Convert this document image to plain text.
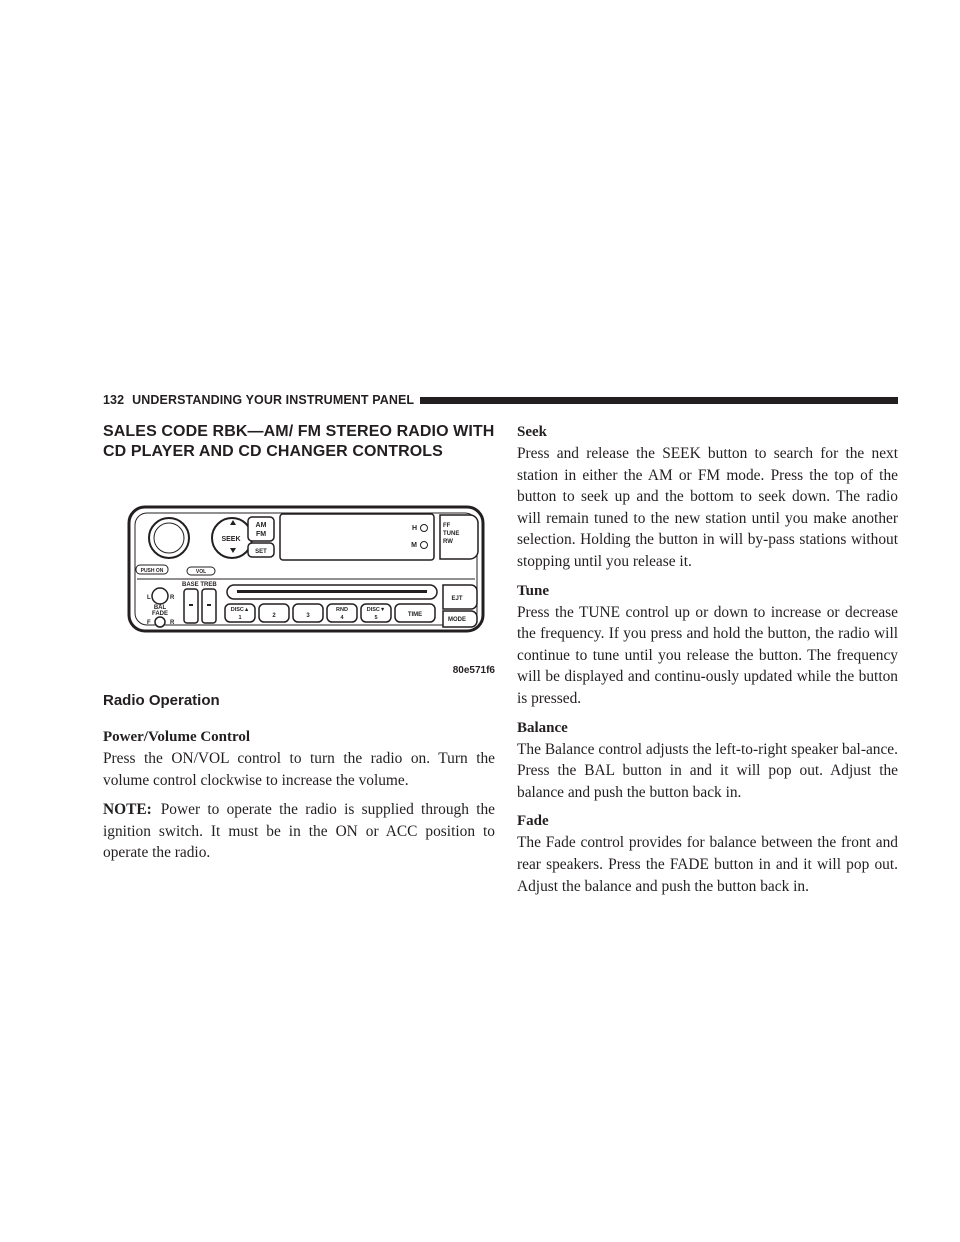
132 UNDERSTANDING YOUR INSTRUMENT PANEL
SALES CODE RBK—AM/ FM STEREO RADIO WITH CD PLAYER AND CD CHANGER CONTROLS
PUSH ON	VOL
SEEK
AM
FM
SET
H
M
FF
TUNE
RW
L	R
BAL
FADE
F	R
BASE TREB
EJT
MODE
DISC▲
1	2	3
RND
4
DISC▼
5	TIME
80e571f6
Radio Operation

Power/Volume Control

Press the ON/VOL control to turn the radio on. Turn the volume control clockwise to increase the volume.

NOTE: Power to operate the radio is supplied through the ignition switch. It must be in the ON or ACC position to operate the radio.

Seek

Press and release the SEEK button to search for the next station in either the AM or FM mode. Press the top of the button to seek up and the bottom to seek down. The radio will remain tuned to the new station until you make another selection. Holding the button in will by-pass stations without stopping until you release it.

Tune

Press the TUNE control up or down to increase or decrease the frequency. If you press and hold the button, the radio will continue to tune until you release the button. The frequency will be displayed and continu-ously updated while the button is pressed.

Balance

The Balance control adjusts the left-to-right speaker bal-ance. Press the BAL button in and it will pop out. Adjust the balance and push the button back in.

Fade

The Fade control provides for balance between the front and rear speakers. Press the FADE button in and it will pop out. Adjust the balance and push the button back in.
